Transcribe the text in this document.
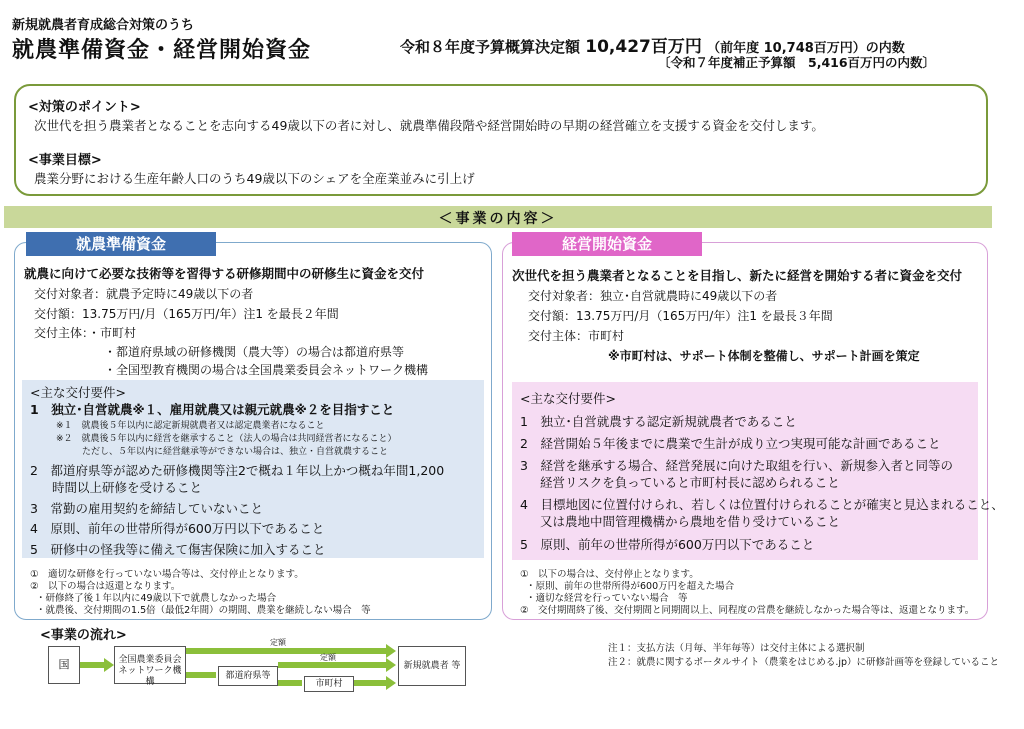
新規就農者育成総合対策のうち
就農準備資金・経営開始資金	令和８年度予算概算決定額 10,427百万円 （前年度 10,748百万円）の内数
〔令和７年度補正予算額　5,416百万円の内数〕
<対策のポイント>
次世代を担う農業者となることを志向する49歳以下の者に対し、就農準備段階や経営開始時の早期の経営確立を支援する資金を交付します。
<事業目標>
農業分野における生産年齢人口のうち49歳以下のシェアを全産業並みに引上げ
＜事業の内容＞
就農準備資金
就農に向けて必要な技術等を習得する研修期間中の研修生に資金を交付
交付対象者：就農予定時に49歳以下の者
交付額：13.75万円/月（165万円/年）注1 を最長２年間
交付主体：・市町村
・都道府県域の研修機関（農大等）の場合は都道府県等
・全国型教育機関の場合は全国農業委員会ネットワーク機構
<主な交付要件>
1　独立･自営就農※１、雇用就農又は親元就農※２を目指すこと
※１　就農後５年以内に認定新規就農者又は認定農業者になること
※２　就農後５年以内に経営を継承すること（法人の場合は共同経営者になること）
ただし、５年以内に経営継承等ができない場合は、独立・自営就農すること
2　都道府県等が認めた研修機関等注2で概ね１年以上かつ概ね年間1,200
時間以上研修を受けること
3　常勤の雇用契約を締結していないこと
4　原則、前年の世帯所得が600万円以下であること
5　研修中の怪我等に備えて傷害保険に加入すること
①　適切な研修を行っていない場合等は、交付停止となります。
②　以下の場合は返還となります。
・研修終了後１年以内に49歳以下で就農しなかった場合
・就農後、交付期間の1.5倍（最低2年間）の期間、農業を継続しない場合　等
経営開始資金
次世代を担う農業者となることを目指し、新たに経営を開始する者に資金を交付
交付対象者：独立･自営就農時に49歳以下の者
交付額：13.75万円/月（165万円/年）注1 を最長３年間
交付主体：市町村
※市町村は、サポート体制を整備し、サポート計画を策定
<主な交付要件>
1　独立･自営就農する認定新規就農者であること
2　経営開始５年後までに農業で生計が成り立つ実現可能な計画であること
3　経営を継承する場合、経営発展に向けた取組を行い、新規参入者と同等の
経営リスクを負っていると市町村長に認められること
4　目標地図に位置付けられ、若しくは位置付けられることが確実と見込まれること、
又は農地中間管理機構から農地を借り受けていること
5　原則、前年の世帯所得が600万円以下であること
①　以下の場合は、交付停止となります。
・原則、前年の世帯所得が600万円を超えた場合
・適切な経営を行っていない場合　等
②　交付期間終了後、交付期間と同期間以上、同程度の営農を継続しなかった場合等は、返還となります。
<事業の流れ>
国	全国農業委員会ネットワーク機構
定額
都道府県等
定額
市町村
新規就農者 等
注１：支払方法（月毎、半年毎等）は交付主体による選択制
注２：就農に関するポータルサイト（農業をはじめる.jp）に研修計画等を登録していること
